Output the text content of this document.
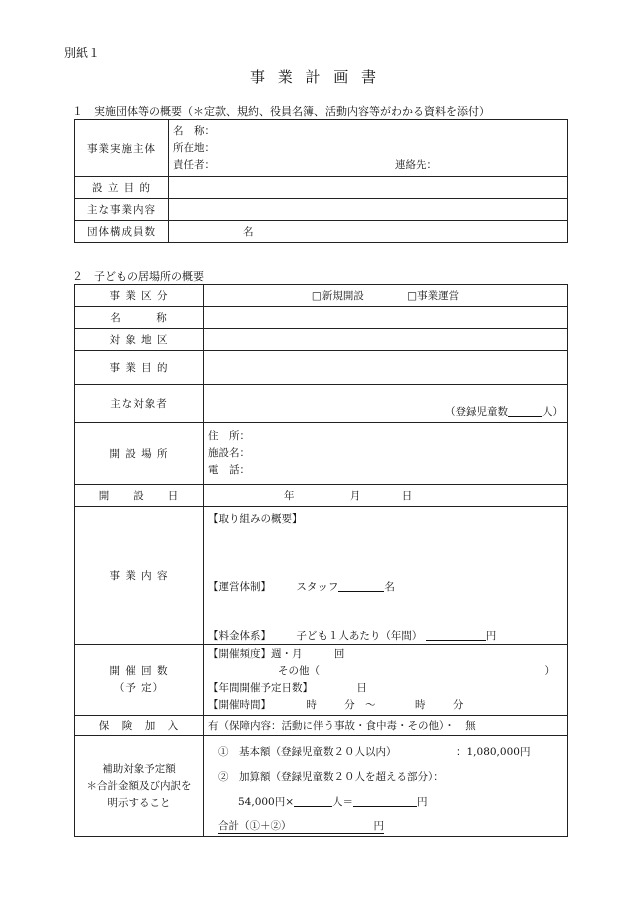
別紙１
事 業 計 画 書
１　実施団体等の概要（＊定款、規約、役員名簿、活動内容等がわかる資料を添付）
事業実施主体	名　称：
所在地：
責任者： 連絡先：

設 立 目 的	
主な事業内容	
団体構成員数	名
２　子どもの居場所の概要
事 業 区 分	□新規開設 □事業運営
名　　　称	
対 象 地 区	
事 業 目 的	
主な対象者	（登録児童数 人）
開 設 場 所	住　所：
施設名：
電　話：

開　　設　　日	年 月 日
事 業 内 容	【取り組みの概要】
【運営体制】 スタッフ 名
【料金体系】 子ども１人あたり（年間） 円

開 催 回 数
（予 定）	【開催頻度】週・月 回
その他（ ）
【年間開催予定日数】 日
【開催時間】 時 分　～ 時 分

保　険　加　入	有（保障内容：活動に伴う事故・食中毒・その他）・　無

補助対象予定額
＊合計金額及び内訳を
明示すること	①　基本額（登録児童数２０人以内） ：1,080,000円
②　加算額（登録児童数２０人を超える部分）：
54,000円× 人＝ 円
合計（①＋②） 円
